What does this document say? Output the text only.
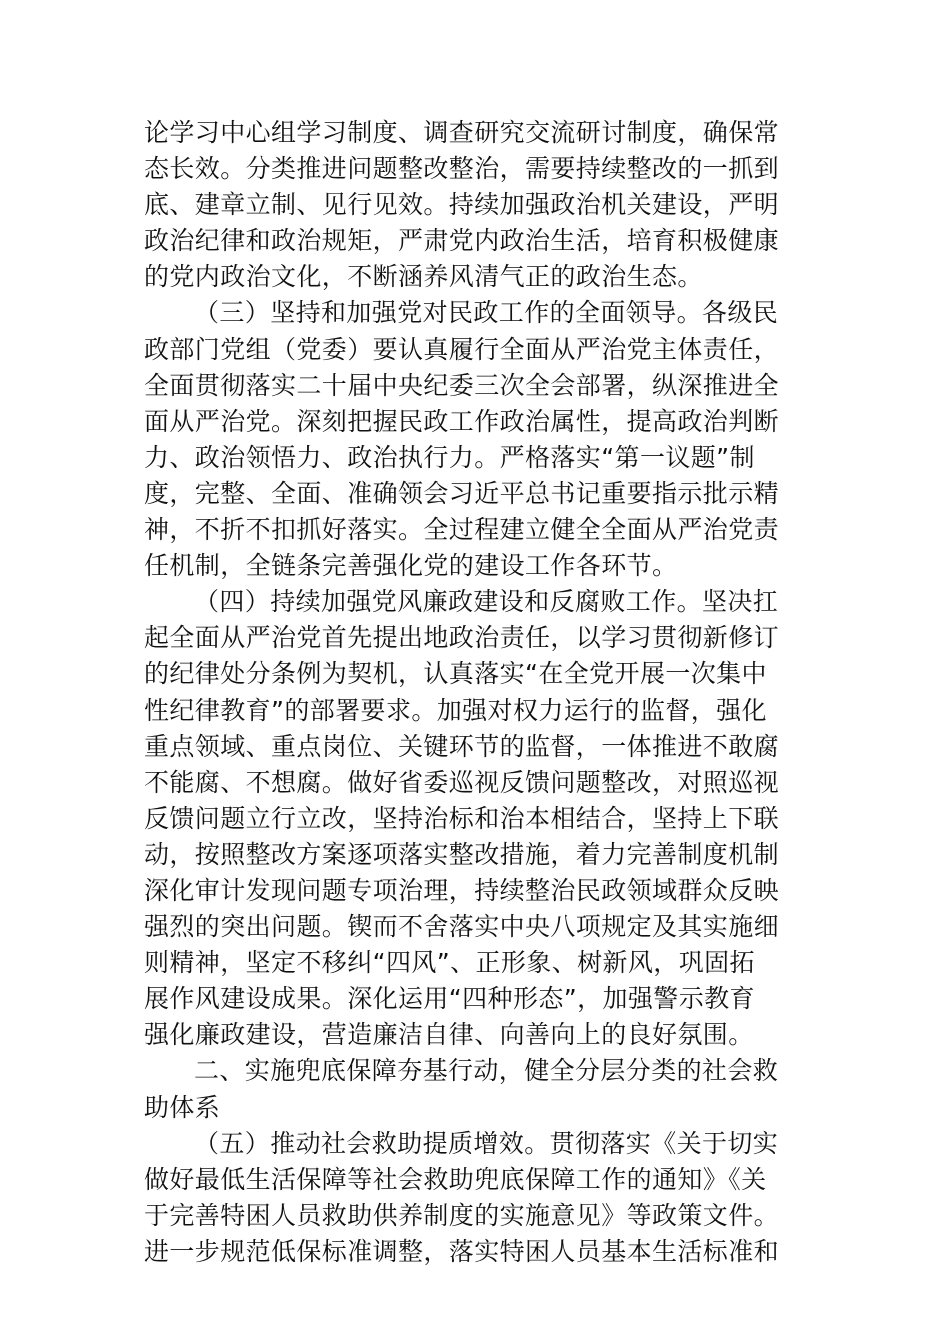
论学习中心组学习制度、调查研究交流研讨制度，确保常
态长效。分类推进问题整改整治，需要持续整改的一抓到
底、建章立制、见行见效。持续加强政治机关建设，严明
政治纪律和政治规矩，严肃党内政治生活，培育积极健康
的党内政治文化，不断涵养风清气正的政治生态。
（三）坚持和加强党对民政工作的全面领导。各级民
政部门党组（党委）要认真履行全面从严治党主体责任，
全面贯彻落实二十届中央纪委三次全会部署，纵深推进全
面从严治党。深刻把握民政工作政治属性，提高政治判断
力、政治领悟力、政治执行力。严格落实“第一议题”制
度，完整、全面、准确领会习近平总书记重要指示批示精
神，不折不扣抓好落实。全过程建立健全全面从严治党责
任机制，全链条完善强化党的建设工作各环节。
（四）持续加强党风廉政建设和反腐败工作。坚决扛
起全面从严治党首先提出地政治责任，以学习贯彻新修订
的纪律处分条例为契机，认真落实“在全党开展一次集中
性纪律教育”的部署要求。加强对权力运行的监督，强化
重点领域、重点岗位、关键环节的监督，一体推进不敢腐
不能腐、不想腐。做好省委巡视反馈问题整改，对照巡视
反馈问题立行立改，坚持治标和治本相结合，坚持上下联
动，按照整改方案逐项落实整改措施，着力完善制度机制
深化审计发现问题专项治理，持续整治民政领域群众反映
强烈的突出问题。锲而不舍落实中央八项规定及其实施细
则精神，坚定不移纠“四风”、正形象、树新风，巩固拓
展作风建设成果。深化运用“四种形态”，加强警示教育
强化廉政建设，营造廉洁自律、向善向上的良好氛围。
二、实施兜底保障夯基行动，健全分层分类的社会救
助体系
（五）推动社会救助提质增效。贯彻落实《关于切实
做好最低生活保障等社会救助兜底保障工作的通知》《关
于完善特困人员救助供养制度的实施意见》等政策文件。
进一步规范低保标准调整，落实特困人员基本生活标准和
